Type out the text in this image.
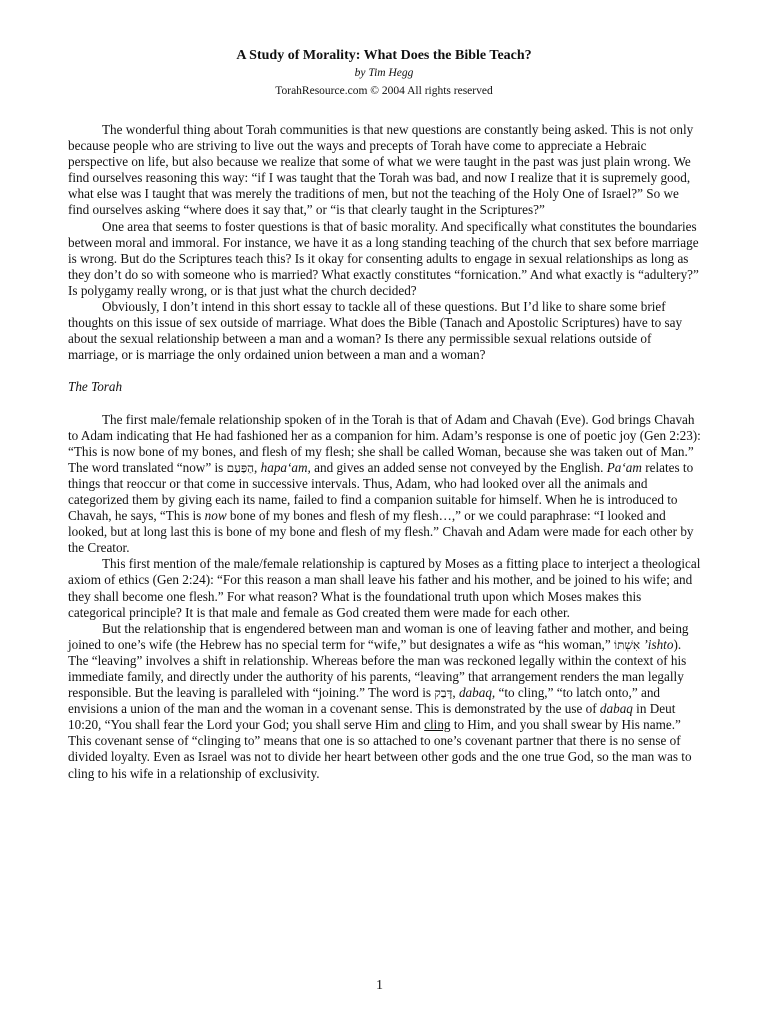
A Study of Morality: What Does the Bible Teach?
by Tim Hegg
TorahResource.com © 2004 All rights reserved

The wonderful thing about Torah communities is that new questions are constantly being asked. This is not only because people who are striving to live out the ways and precepts of Torah have come to appreciate a Hebraic perspective on life, but also because we realize that some of what we were taught in the past was just plain wrong. We find ourselves reasoning this way: “if I was taught that the Torah was bad, and now I realize that it is supremely good, what else was I taught that was merely the traditions of men, but not the teaching of the Holy One of Israel?” So we find ourselves asking “where does it say that,” or “is that clearly taught in the Scriptures?”

One area that seems to foster questions is that of basic morality. And specifically what constitutes the boundaries between moral and immoral. For instance, we have it as a long standing teaching of the church that sex before marriage is wrong. But do the Scriptures teach this? Is it okay for consenting adults to engage in sexual relationships as long as they don’t do so with someone who is married? What exactly constitutes “fornication.” And what exactly is “adultery?” Is polygamy really wrong, or is that just what the church decided?

Obviously, I don’t intend in this short essay to tackle all of these questions. But I’d like to share some brief thoughts on this issue of sex outside of marriage. What does the Bible (Tanach and Apostolic Scriptures) have to say about the sexual relationship between a man and a woman? Is there any permissible sexual relations outside of marriage, or is marriage the only ordained union between a man and a woman?

The Torah

The first male/female relationship spoken of in the Torah is that of Adam and Chavah (Eve). God brings Chavah to Adam indicating that He had fashioned her as a companion for him. Adam’s response is one of poetic joy (Gen 2:23): “This is now bone of my bones, and flesh of my flesh; she shall be called Woman, because she was taken out of Man.” The word translated “now” is הַפַּעַם, hapa‘am, and gives an added sense not conveyed by the English. Pa‘am relates to things that reoccur or that come in successive intervals. Thus, Adam, who had looked over all the animals and categorized them by giving each its name, failed to find a companion suitable for himself. When he is introduced to Chavah, he says, “This is now bone of my bones and flesh of my flesh…,” or we could paraphrase: “I looked and looked, but at long last this is bone of my bone and flesh of my flesh.” Chavah and Adam were made for each other by the Creator.

This first mention of the male/female relationship is captured by Moses as a fitting place to interject a theological axiom of ethics (Gen 2:24): “For this reason a man shall leave his father and his mother, and be joined to his wife; and they shall become one flesh.” For what reason? What is the foundational truth upon which Moses makes this categorical principle? It is that male and female as God created them were made for each other.

But the relationship that is engendered between man and woman is one of leaving father and mother, and being joined to one’s wife (the Hebrew has no special term for “wife,” but designates a wife as “his woman,” אִשְׁתּוֹ ’ishto). The “leaving” involves a shift in relationship. Whereas before the man was reckoned legally within the context of his immediate family, and directly under the authority of his parents, “leaving” that arrangement renders the man legally responsible. But the leaving is paralleled with “joining.” The word is דָּבַק, dabaq, “to cling,” “to latch onto,” and envisions a union of the man and the woman in a covenant sense. This is demonstrated by the use of dabaq in Deut 10:20, “You shall fear the Lord your God; you shall serve Him and cling to Him, and you shall swear by His name.” This covenant sense of “clinging to” means that one is so attached to one’s covenant partner that there is no sense of divided loyalty. Even as Israel was not to divide her heart between other gods and the one true God, so the man was to cling to his wife in a relationship of exclusivity.

1
